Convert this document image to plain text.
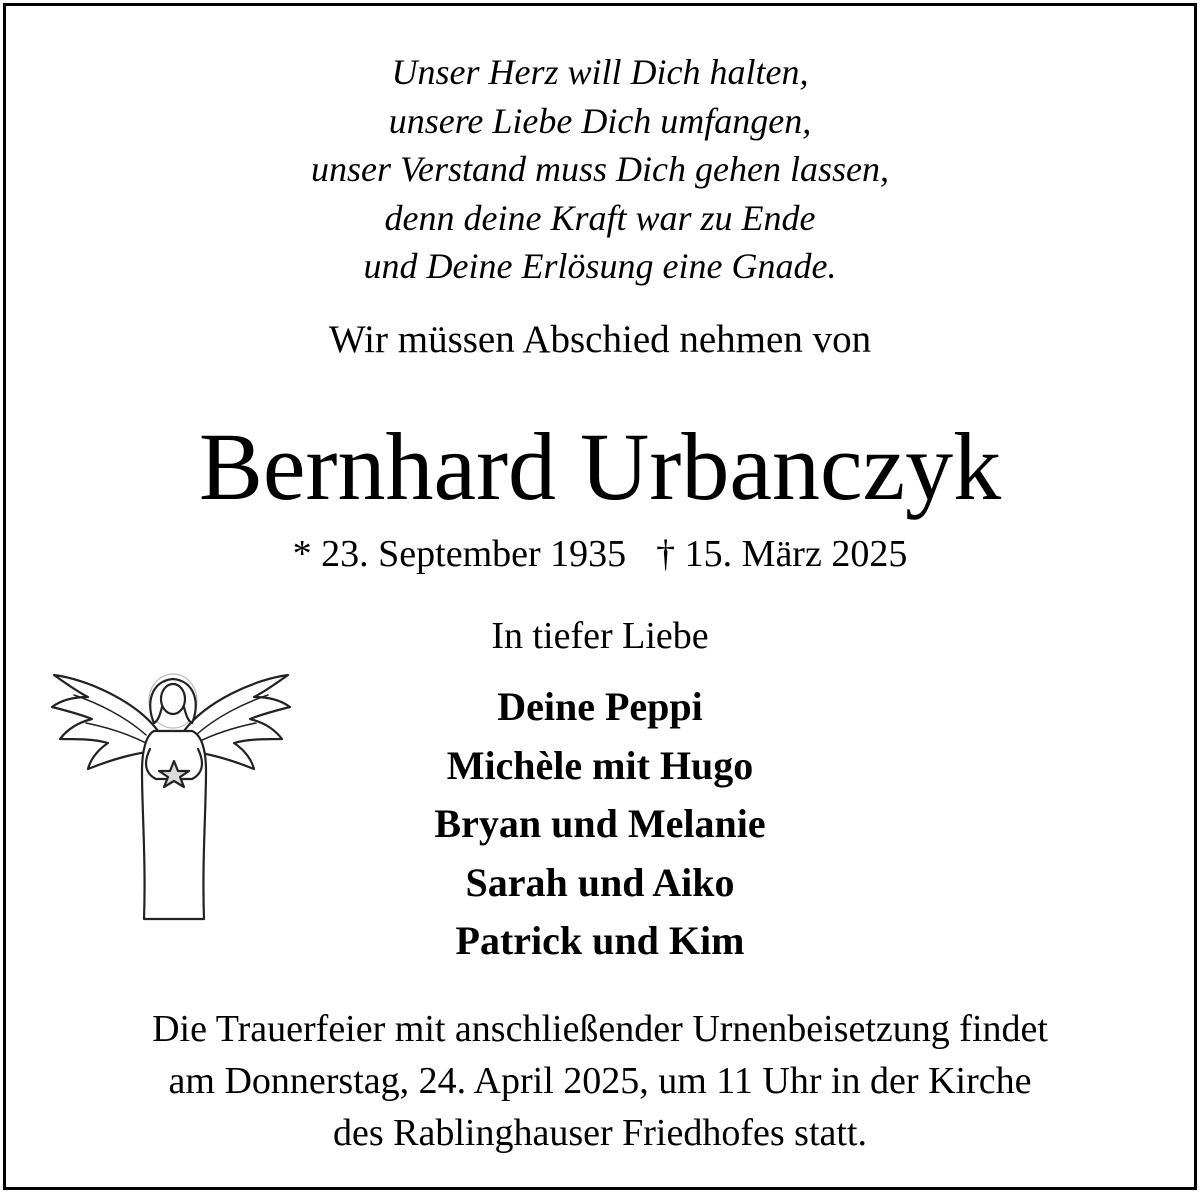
Unser Herz will Dich halten,
unsere Liebe Dich umfangen,
unser Verstand muss Dich gehen lassen,
denn deine Kraft war zu Ende
und Deine Erlösung eine Gnade.
Wir müssen Abschied nehmen von
Bernhard Urbanczyk
* 23. September 1935 † 15. März 2025
In tiefer Liebe
Deine Peppi
Michèle mit Hugo
Bryan und Melanie
Sarah und Aiko
Patrick und Kim
Die Trauerfeier mit anschließender Urnenbeisetzung findet
am Donnerstag, 24. April 2025, um 11 Uhr in der Kirche
des Rablinghauser Friedhofes statt.
